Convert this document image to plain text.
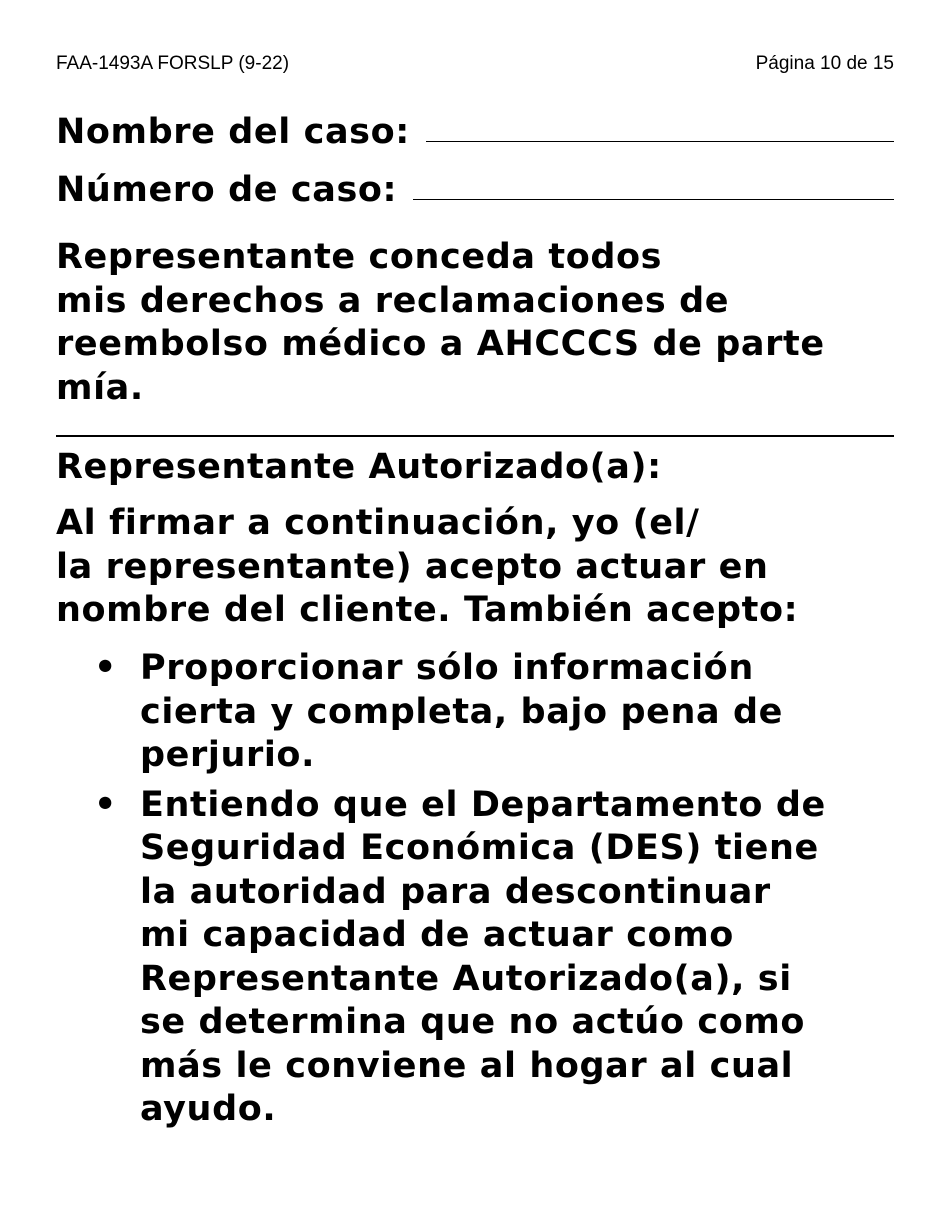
FAA-1493A FORSLP (9-22)	Página 10 de 15
Nombre del caso:
Número de caso:

Representante conceda todos
mis derechos a reclamaciones de
reembolso médico a AHCCCS de parte
mía.

Representante Autorizado(a):

Al firmar a continuación, yo (el/
la representante) acepto actuar en
nombre del cliente. También acepto:

• Proporcionar sólo información
cierta y completa, bajo pena de
perjurio.
• Entiendo que el Departamento de
Seguridad Económica (DES) tiene
la autoridad para descontinuar
mi capacidad de actuar como
Representante Autorizado(a), si
se determina que no actúo como
más le conviene al hogar al cual
ayudo.
